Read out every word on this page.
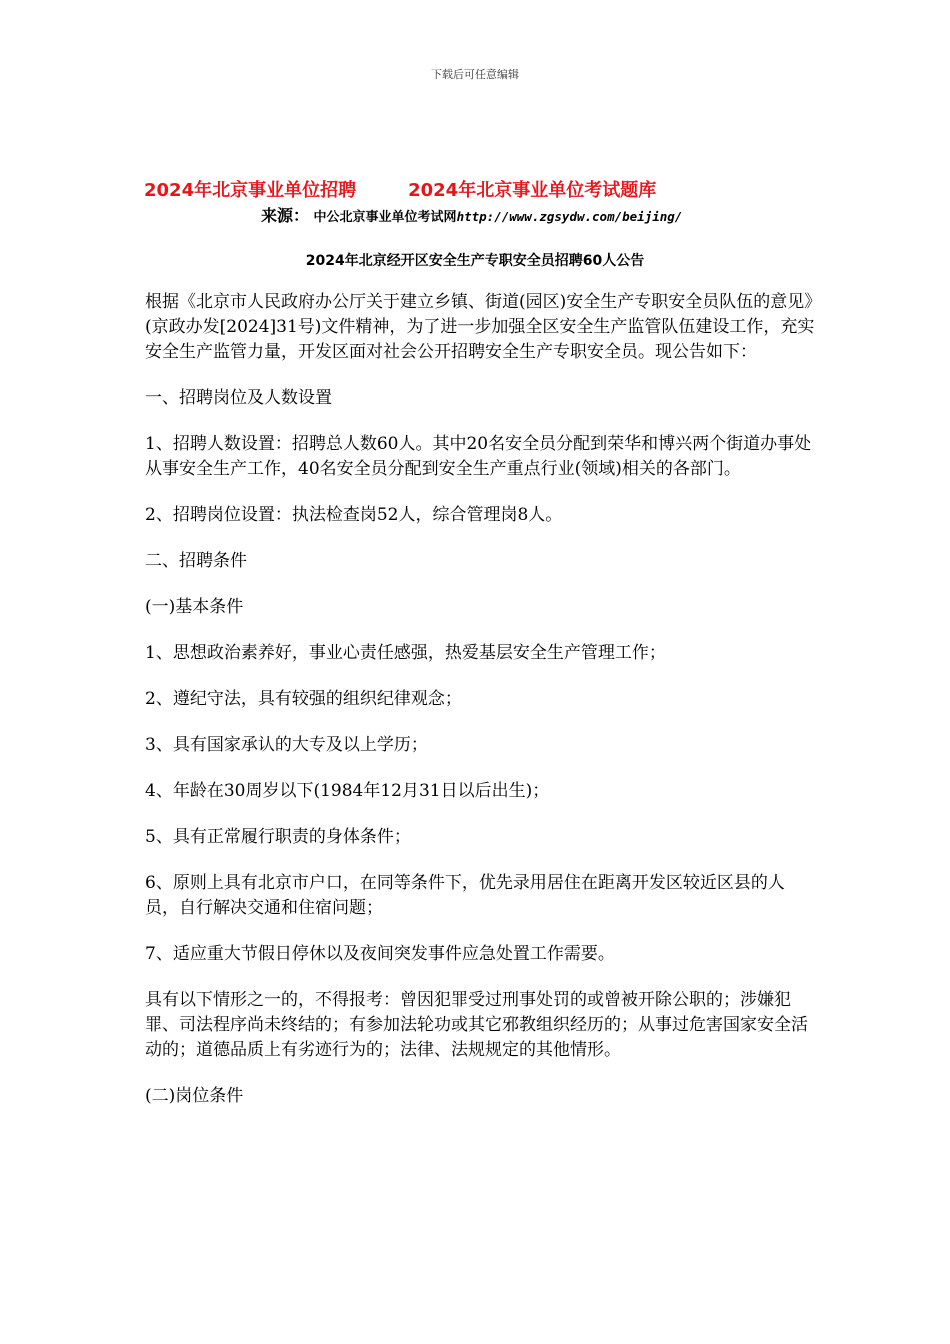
下载后可任意编辑
2024年北京事业单位招聘	2024年北京事业单位考试题库
来源： 中公北京事业单位考试网http://www.zgsydw.com/beijing/
2024年北京经开区安全生产专职安全员招聘60人公告

根据《北京市人民政府办公厅关于建立乡镇、街道(园区)安全生产专职安全员队伍的意见》(京政办发[2024]31号)文件精神，为了进一步加强全区安全生产监管队伍建设工作，充实安全生产监管力量，开发区面对社会公开招聘安全生产专职安全员。现公告如下：

一、招聘岗位及人数设置

1、招聘人数设置：招聘总人数60人。其中20名安全员分配到荣华和博兴两个街道办事处从事安全生产工作，40名安全员分配到安全生产重点行业(领域)相关的各部门。

2、招聘岗位设置：执法检查岗52人，综合管理岗8人。

二、招聘条件

(一)基本条件

1、思想政治素养好，事业心责任感强，热爱基层安全生产管理工作；

2、遵纪守法，具有较强的组织纪律观念；

3、具有国家承认的大专及以上学历；

4、年龄在30周岁以下(1984年12月31日以后出生)；

5、具有正常履行职责的身体条件；

6、原则上具有北京市户口，在同等条件下，优先录用居住在距离开发区较近区县的人员，自行解决交通和住宿问题；

7、适应重大节假日停休以及夜间突发事件应急处置工作需要。

具有以下情形之一的，不得报考：曾因犯罪受过刑事处罚的或曾被开除公职的；涉嫌犯罪、司法程序尚未终结的；有参加法轮功或其它邪教组织经历的；从事过危害国家安全活动的；道德品质上有劣迹行为的；法律、法规规定的其他情形。

(二)岗位条件
